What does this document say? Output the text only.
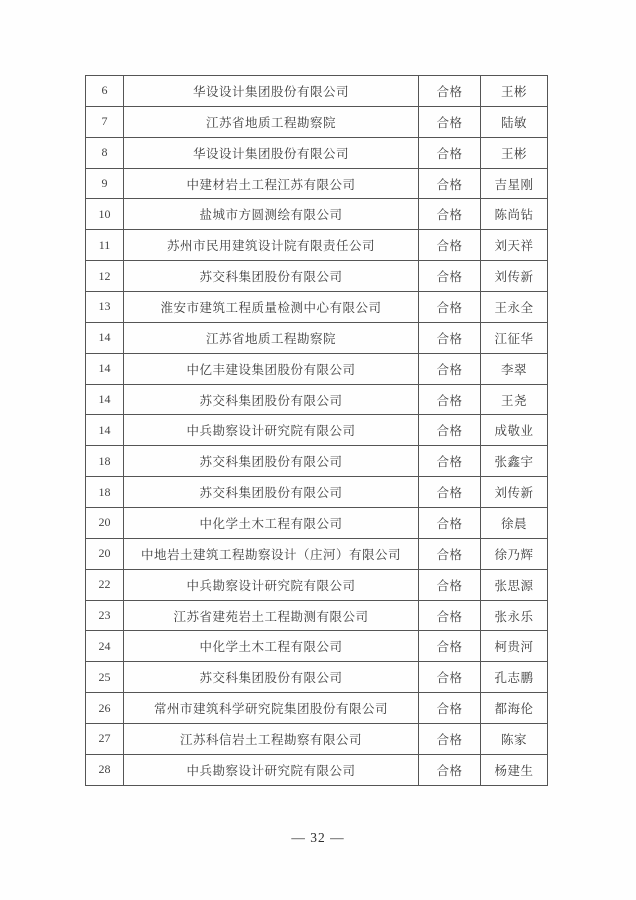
6	华设设计集团股份有限公司	合格	王彬
7	江苏省地质工程勘察院	合格	陆敏
8	华设设计集团股份有限公司	合格	王彬
9	中建材岩土工程江苏有限公司	合格	吉星刚
10	盐城市方圆测绘有限公司	合格	陈尚钻
11	苏州市民用建筑设计院有限责任公司	合格	刘天祥
12	苏交科集团股份有限公司	合格	刘传新
13	淮安市建筑工程质量检测中心有限公司	合格	王永全
14	江苏省地质工程勘察院	合格	江征华
14	中亿丰建设集团股份有限公司	合格	李翠
14	苏交科集团股份有限公司	合格	王尧
14	中兵勘察设计研究院有限公司	合格	成敬业
18	苏交科集团股份有限公司	合格	张鑫宇
18	苏交科集团股份有限公司	合格	刘传新
20	中化学土木工程有限公司	合格	徐晨
20	中地岩土建筑工程勘察设计（庄河）有限公司	合格	徐乃辉
22	中兵勘察设计研究院有限公司	合格	张思源
23	江苏省建苑岩土工程勘测有限公司	合格	张永乐
24	中化学土木工程有限公司	合格	柯贵河
25	苏交科集团股份有限公司	合格	孔志鹏
26	常州市建筑科学研究院集团股份有限公司	合格	都海伦
27	江苏科信岩土工程勘察有限公司	合格	陈家
28	中兵勘察设计研究院有限公司	合格	杨建生
— 32 —
